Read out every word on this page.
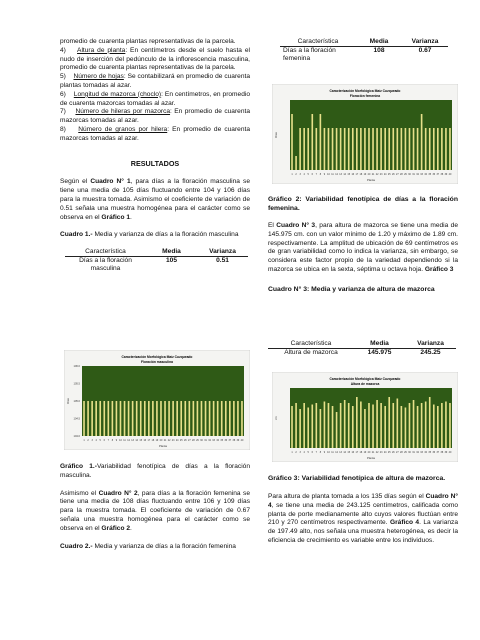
promedio de cuarenta plantas representativas de la parcela.

4) Altura de planta: En centímetros desde el suelo hasta el nudo de inserción del pedúnculo de la inflorescencia masculina, promedio de cuarenta plantas representativas de la parcela.

5) Número de hojas: Se contabilizará en promedio de cuarenta plantas tomadas al azar.

6) Longitud de mazorca (choclo): En centímetros, en promedio de cuarenta mazorcas tomadas al azar.

7) Número de hileras por mazorca: En promedio de cuarenta mazorcas tomadas al azar.

8) Número de granos por hilera: En promedio de cuarenta mazorcas tomadas al azar.

RESULTADOS

Según el Cuadro N° 1, para días a la floración masculina se tiene una media de 105 días fluctuando entre 104 y 106 días para la muestra tomada. Asimismo el coeficiente de variación de 0.51 señala una muestra homogénea para el carácter como se observa en el Gráfico 1.

Cuadro 1.- Media y varianza de días a la floración masculina

Característica	Media	Varianza
Días a la floración masculina	105	0.51
Caracterización Morfológica Maíz Cuzqueado
Floración masculina
1 2 3 4 5 6 7 8 9 10 11 12 13 14 15 16 17 18 19 20 21 22 23 24 25 26 27 28 29 30 31 32 33 34 35 36 37 38 39 40
106.0
105.5
105.0
104.5
104.0
Planta
Días

Gráfico 1.-Variabilidad fenotípica de días a la floración masculina.

Asimismo el Cuadro N° 2, para días a la floración femenina se tiene una media de 108 días fluctuando entre 106 y 109 días para la muestra tomada. El coeficiente de variación de 0.67 señala una muestra homogénea para el carácter como se observa en el Gráfico 2.

Cuadro 2.- Media y varianza de días a la floración femenina

Característica	Media	Varianza
Días a la floración femenina	108	0.67
Caracterización Morfológica Maíz Cuzqueado
Floración femenina
1 2 3 4 5 6 7 8 9 10 11 12 13 14 15 16 17 18 19 20 21 22 23 24 25 26 27 28 29 30 31 32 33 34 35 36 37 38 39 40
Planta
Días

Gráfico 2: Variabilidad fenotípica de días a la floración femenina.

El Cuadro N° 3, para altura de mazorca se tiene una media de 145.975 cm. con un valor mínimo de 1.20 y máximo de 1.89 cm. respectivamente. La amplitud de ubicación de 69 centímetros es de gran variabilidad como lo indica la varianza, sin embargo, se considera este factor propio de la variedad dependiendo si la mazorca se ubica en la sexta, séptima u octava hoja. Gráfico 3

Cuadro N° 3: Media y varianza de altura de mazorca

Característica	Media	Varianza
Altura de mazorca	145.975	245.25
Caracterización Morfológica Maíz Cuzqueado
Altura de mazorca
1 2 3 4 5 6 7 8 9 10 11 12 13 14 15 16 17 18 19 20 21 22 23 24 25 26 27 28 29 30 31 32 33 34 35 36 37 38 39 40
Planta
cm

Gráfico 3: Variabilidad fenotípica de altura de mazorca.

Para altura de planta tomada a los 135 días según el Cuadro N° 4, se tiene una media de 243.125 centímetros, calificada como planta de porte medianamente alto cuyos valores fluctúan entre 210 y 270 centímetros respectivamente. Gráfico 4. La varianza de 197.49 alto, nos señala una muestra heterogénea, es decir la eficiencia de crecimiento es variable entre los individuos.
